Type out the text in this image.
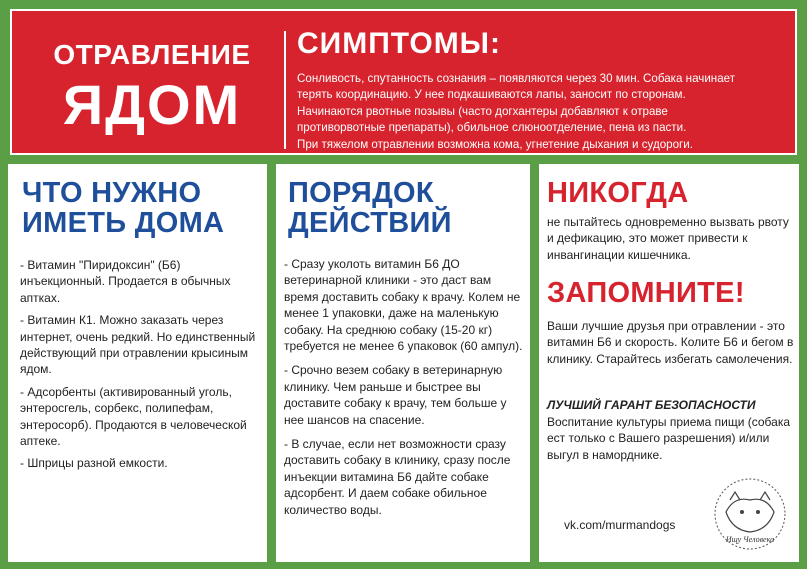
ОТРАВЛЕНИЕ
ЯДОМ
СИМПТОМЫ:
Сонливость, спутанность сознания – появляются через 30 мин. Собака начинает
терять координацию. У нее подкашиваются лапы, заносит по сторонам.
Начинаются рвотные позывы (часто догхантеры добавляют к отраве
противорвотные препараты), обильное слюноотделение, пена из пасти.
При тяжелом отравлении возможна кома, угнетение дыхания и судороги.
ЧТО НУЖНО
ИМЕТЬ ДОМА

- Витамин "Пиридоксин" (Б6) инъекционный. Продается в обычных аптках.

- Витамин К1. Можно заказать через интернет, очень редкий. Но единственный действующий при отравлении крысиным ядом.

- Адсорбенты (активированный уголь, энтеросгель, сорбекс, полипефам, энтеросорб). Продаются в человеческой аптеке.

- Шприцы разной емкости.

ПОРЯДОК
ДЕЙСТВИЙ

- Сразу уколоть витамин Б6 ДО ветеринарной клиники - это даст вам время доставить собаку к врачу. Колем не менее 1 упаковки, даже на маленькую собаку. На среднюю собаку (15-20 кг) требуется не менее 6 упаковок (60 ампул).

- Срочно везем собаку в ветеринарную клинику. Чем раньше и быстрее вы доставите собаку к врачу, тем больше у нее шансов на спасение.

- В случае, если нет возможности сразу доставить собаку в клинику, сразу после инъекции витамина Б6 дайте собаке адсорбент. И даем собаке обильное количество воды.

НИКОГДА
не пытайтесь одновременно вызвать рвоту и дефикацию, это может привести к инвангинации кишечника.
ЗАПОМНИТЕ!
Ваши лучшие друзья при отравлении - это витамин Б6 и скорость. Колите Б6 и бегом в клинику. Старайтесь избегать самолечения.
ЛУЧШИЙ ГАРАНТ БЕЗОПАСНОСТИ
Воспитание культуры приема пищи (собака ест только с Вашего разрешения) и/или выгул в наморднике.
vk.com/murmandogs
Ищу Человека
